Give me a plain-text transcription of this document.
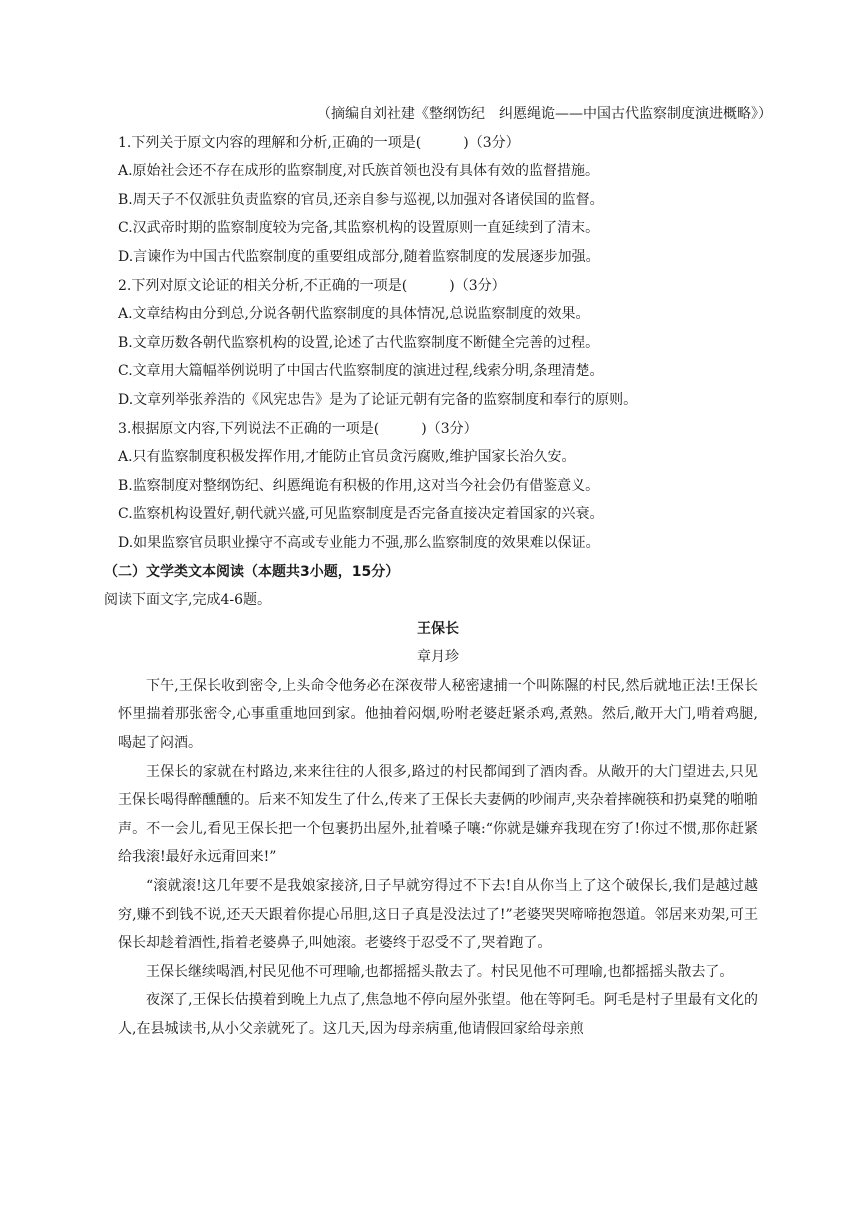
（摘编自刘社建《整纲饬纪　纠慝绳诡——中国古代监察制度演进概略》）
1.下列关于原文内容的理解和分析,正确的一项是(　　　)（3分）
A.原始社会还不存在成形的监察制度,对氏族首领也没有具体有效的监督措施。
B.周天子不仅派驻负责监察的官员,还亲自参与巡视,以加强对各诸侯国的监督。
C.汉武帝时期的监察制度较为完备,其监察机构的设置原则一直延续到了清末。
D.言谏作为中国古代监察制度的重要组成部分,随着监察制度的发展逐步加强。
2.下列对原文论证的相关分析,不正确的一项是(　　　)（3分）
A.文章结构由分到总,分说各朝代监察制度的具体情况,总说监察制度的效果。
B.文章历数各朝代监察机构的设置,论述了古代监察制度不断健全完善的过程。
C.文章用大篇幅举例说明了中国古代监察制度的演进过程,线索分明,条理清楚。
D.文章列举张养浩的《风宪忠告》是为了论证元朝有完备的监察制度和奉行的原则。
3.根据原文内容,下列说法不正确的一项是(　　　)（3分）
A.只有监察制度积极发挥作用,才能防止官员贪污腐败,维护国家长治久安。
B.监察制度对整纲饬纪、纠慝绳诡有积极的作用,这对当今社会仍有借鉴意义。
C.监察机构设置好,朝代就兴盛,可见监察制度是否完备直接决定着国家的兴衰。
D.如果监察官员职业操守不高或专业能力不强,那么监察制度的效果难以保证。
（二）文学类文本阅读（本题共3小题，15分）
阅读下面文字,完成4-6题。
王保长
章月珍
下午,王保长收到密令,上头命令他务必在深夜带人秘密逮捕一个叫陈隰的村民,然后就地正法!王保长怀里揣着那张密令,心事重重地回到家。他抽着闷烟,吩咐老婆赶紧杀鸡,煮熟。然后,敞开大门,啃着鸡腿,喝起了闷酒。
王保长的家就在村路边,来来往往的人很多,路过的村民都闻到了酒肉香。从敞开的大门望进去,只见王保长喝得醉醺醺的。后来不知发生了什么,传来了王保长夫妻俩的吵闹声,夹杂着摔碗筷和扔桌凳的啪啪声。不一会儿,看见王保长把一个包裹扔出屋外,扯着嗓子嚷:“你就是嫌弃我现在穷了!你过不惯,那你赶紧给我滚!最好永远甭回来!”
“滚就滚!这几年要不是我娘家接济,日子早就穷得过不下去!自从你当上了这个破保长,我们是越过越穷,赚不到钱不说,还天天跟着你提心吊胆,这日子真是没法过了!”老婆哭哭啼啼抱怨道。邻居来劝架,可王保长却趁着酒性,指着老婆鼻子,叫她滚。老婆终于忍受不了,哭着跑了。
王保长继续喝酒,村民见他不可理喻,也都摇摇头散去了。村民见他不可理喻,也都摇摇头散去了。
夜深了,王保长估摸着到晚上九点了,焦急地不停向屋外张望。他在等阿毛。阿毛是村子里最有文化的人,在县城读书,从小父亲就死了。这几天,因为母亲病重,他请假回家给母亲煎
